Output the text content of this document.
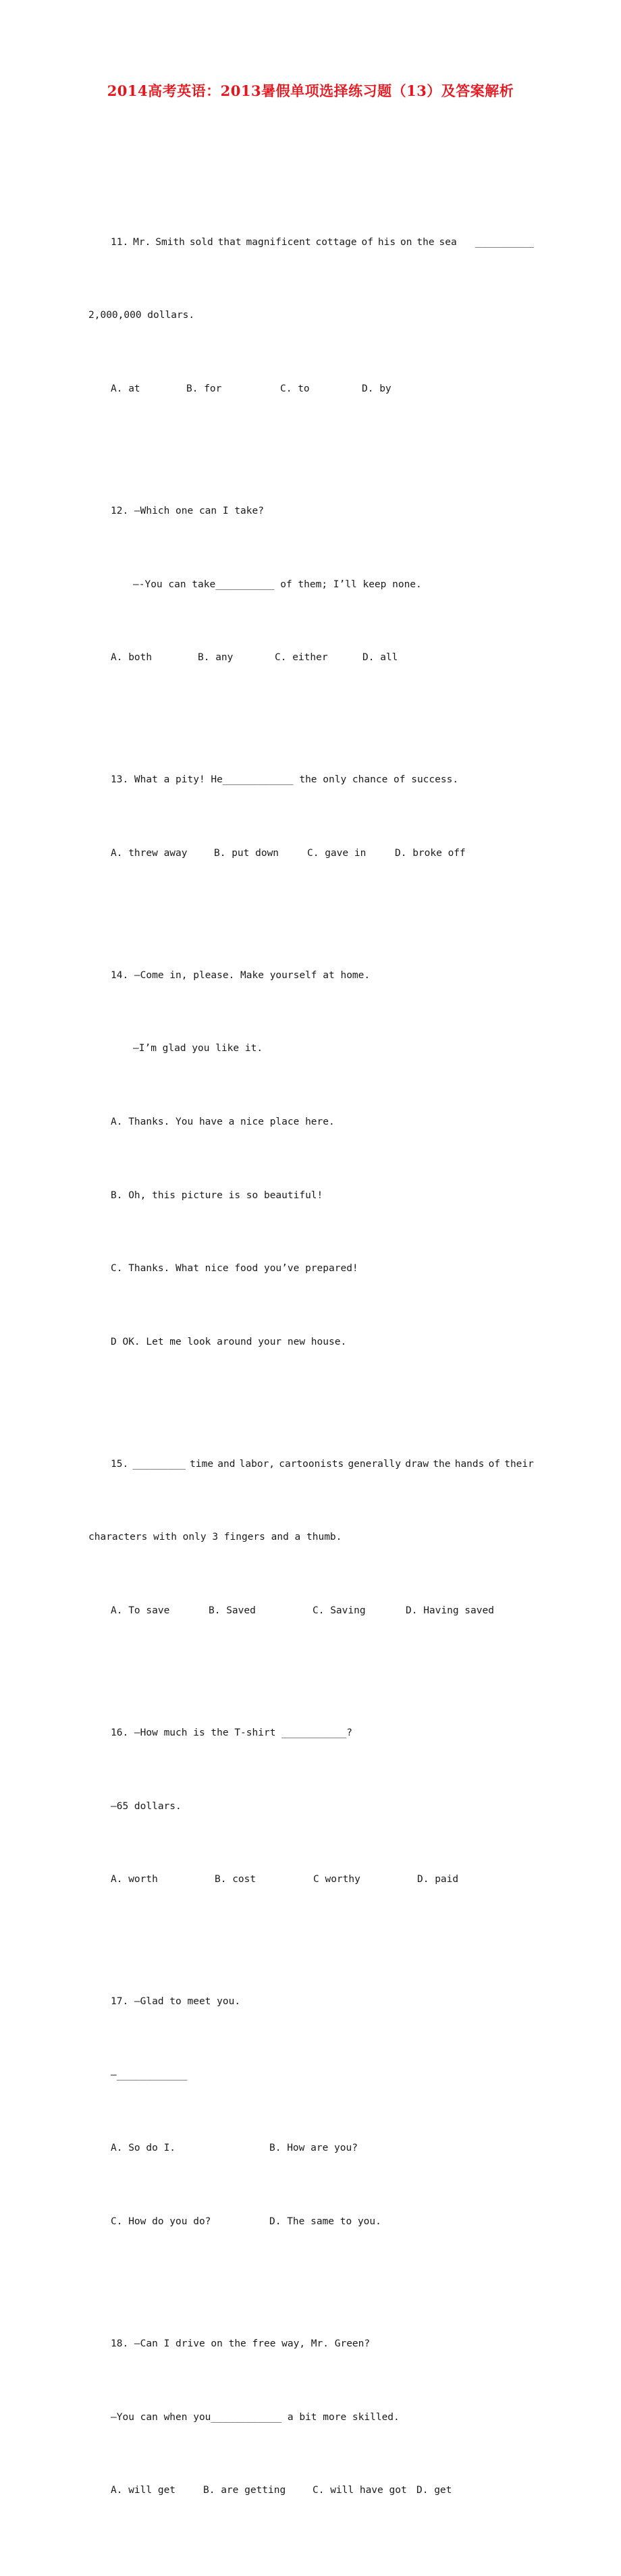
2014高考英语：2013暑假单项选择练习题（13）及答案解析

11. Mr. Smith sold that magnificent cottage of his on the sea __________

2,000,000 dollars.

A. at	B. for	C. to	D. by

12. —Which one can I take?

—-You can take__________ of them; I’ll keep none.

A. both	B. any	C. either	D. all

13. What a pity! He____________ the only chance of success.

A. threw away	B. put down	C. gave in	D. broke off

14. —Come in, please. Make yourself at home.

—I’m glad you like it.

A. Thanks. You have a nice place here.

B. Oh, this picture is so beautiful!

C. Thanks. What nice food you’ve prepared!

D OK. Let me look around your new house.

15. _________ time and labor, cartoonists generally draw the hands of their

characters with only 3 fingers and a thumb.

A. To save	B. Saved	C. Saving	D. Having saved

16. —How much is the T-shirt ___________?

—65 dollars.

A. worth	B. cost	C worthy	D. paid

17. —Glad to meet you.

—____________

A. So do I.	B. How are you?

C. How do you do?	D. The same to you.

18. —Can I drive on the free way, Mr. Green?

—You can when you____________ a bit more skilled.

A. will get	B. are getting	C. will have got D. get
